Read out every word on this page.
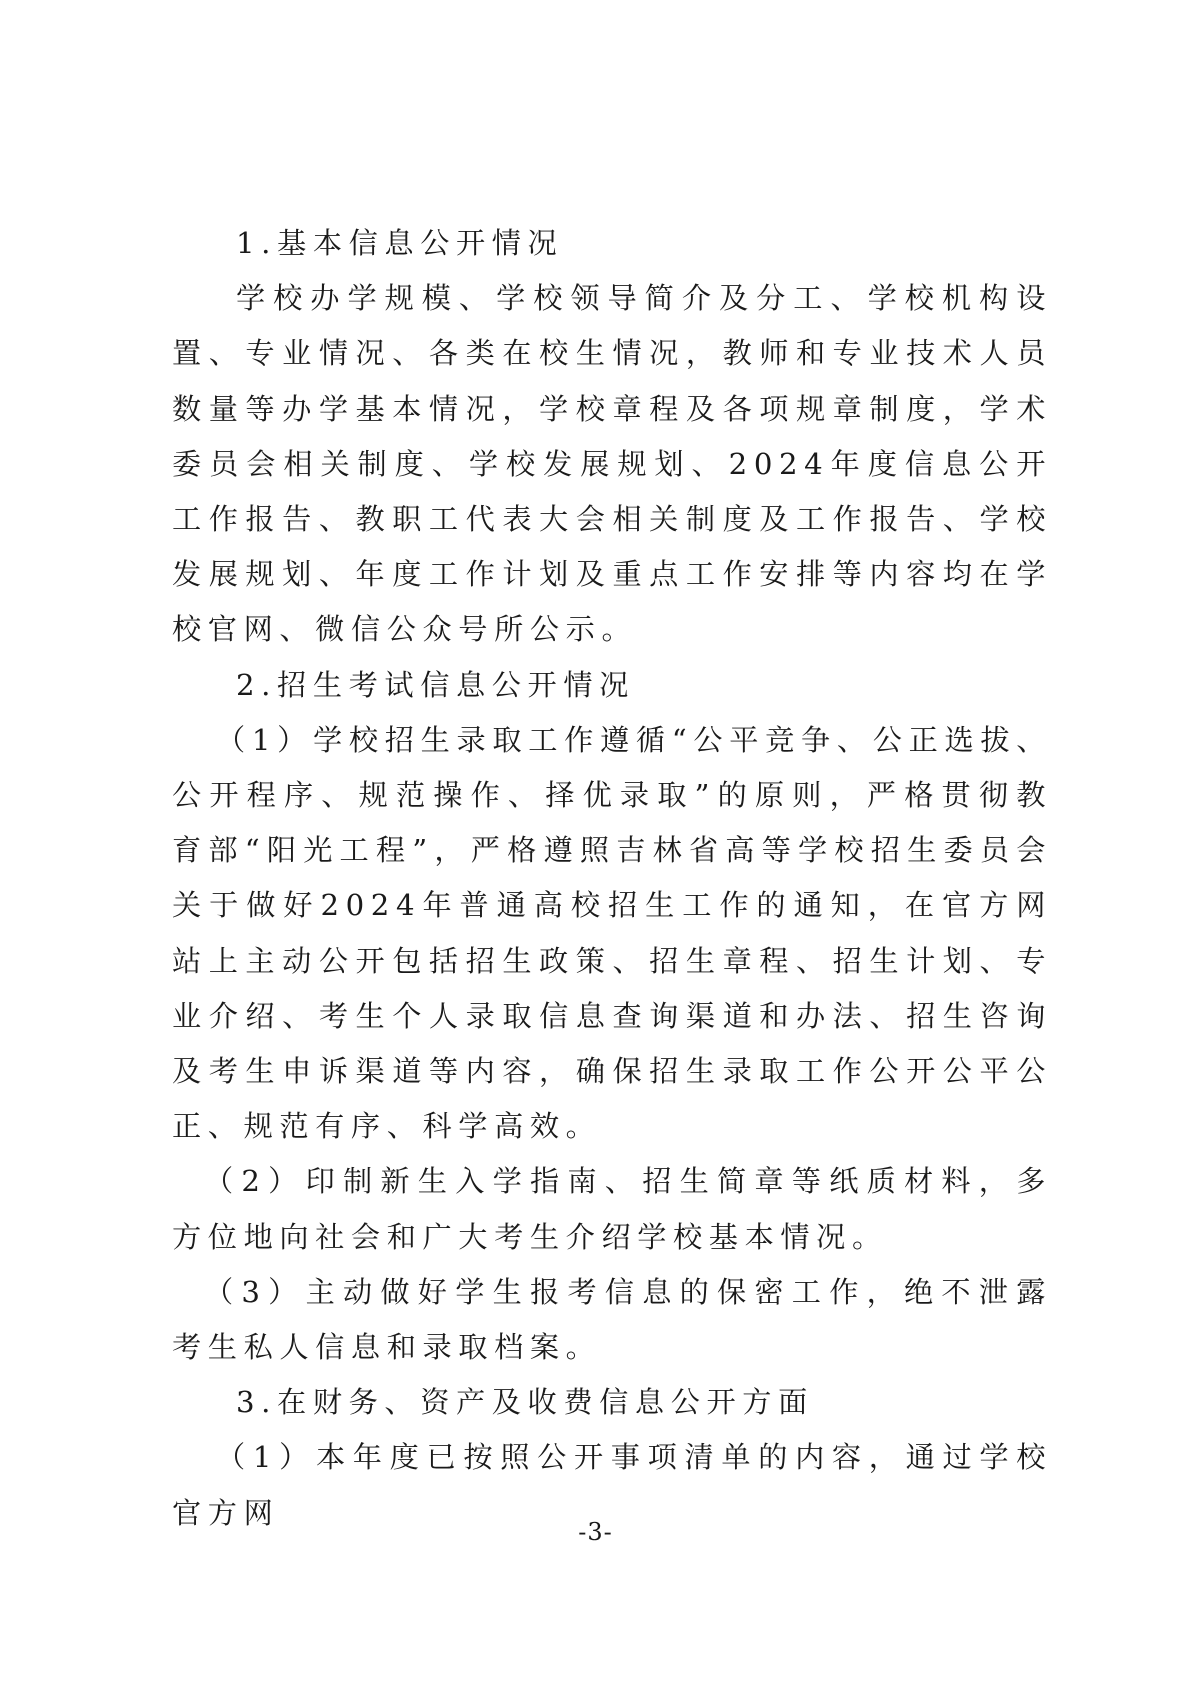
1.基本信息公开情况

学校办学规模、学校领导简介及分工、学校机构设置、专业情况、各类在校生情况，教师和专业技术人员数量等办学基本情况，学校章程及各项规章制度，学术委员会相关制度、学校发展规划、2024年度信息公开工作报告、教职工代表大会相关制度及工作报告、学校发展规划、年度工作计划及重点工作安排等内容均在学校官网、微信公众号所公示。

2.招生考试信息公开情况

（1）学校招生录取工作遵循“公平竞争、公正选拔、公开程序、规范操作、择优录取”的原则，严格贯彻教育部“阳光工程”，严格遵照吉林省高等学校招生委员会关于做好2024年普通高校招生工作的通知，在官方网站上主动公开包括招生政策、招生章程、招生计划、专业介绍、考生个人录取信息查询渠道和办法、招生咨询及考生申诉渠道等内容，确保招生录取工作公开公平公正、规范有序、科学高效。

（2）印制新生入学指南、招生简章等纸质材料，多方位地向社会和广大考生介绍学校基本情况。

（3）主动做好学生报考信息的保密工作，绝不泄露考生私人信息和录取档案。

3.在财务、资产及收费信息公开方面

（1）本年度已按照公开事项清单的内容，通过学校官方网

-3-
